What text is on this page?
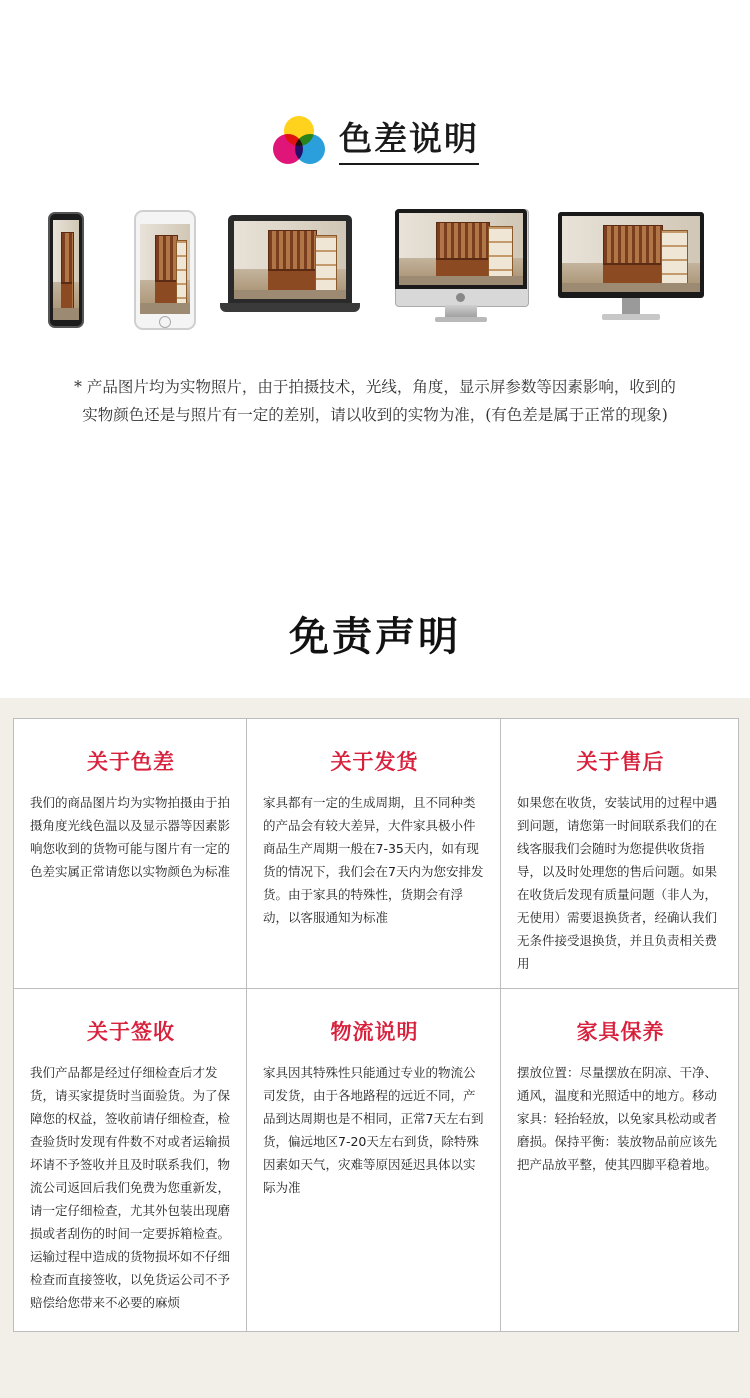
色差说明

* 产品图片均为实物照片，由于拍摄技术，光线，角度，显示屏参数等因素影响，收到的

实物颜色还是与照片有一定的差别，请以收到的实物为准，(有色差是属于正常的现象)

免责声明
关于色差

我们的商品图片均为实物拍摄由于拍摄角度光线色温以及显示器等因素影响您收到的货物可能与图片有一定的色差实属正常请您以实物颜色为标准

关于发货

家具都有一定的生成周期，且不同种类的产品会有较大差异，大件家具极小件商品生产周期一般在7-35天内，如有现货的情况下，我们会在7天内为您安排发货。由于家具的特殊性，货期会有浮动，以客服通知为标准

关于售后

如果您在收货，安装试用的过程中遇到问题，请您第一时间联系我们的在线客服我们会随时为您提供收货指导，以及时处理您的售后问题。如果在收货后发现有质量问题（非人为，无使用）需要退换货者，经确认我们无条件接受退换货，并且负责相关费用

关于签收

我们产品都是经过仔细检查后才发货，请买家提货时当面验货。为了保障您的权益，签收前请仔细检查，检查验货时发现有件数不对或者运输损坏请不予签收并且及时联系我们，物流公司返回后我们免费为您重新发，请一定仔细检查，尤其外包装出现磨损或者刮伤的时间一定要拆箱检查。运输过程中造成的货物损坏如不仔细检查而直接签收，以免货运公司不予赔偿给您带来不必要的麻烦

物流说明

家具因其特殊性只能通过专业的物流公司发货，由于各地路程的远近不同，产品到达周期也是不相同，正常7天左右到货，偏远地区7-20天左右到货，除特殊因素如天气，灾难等原因延迟具体以实际为准

家具保养

摆放位置：尽量摆放在阴凉、干净、通风，温度和光照适中的地方。移动家具：轻抬轻放，以免家具松动或者磨损。保持平衡：装放物品前应该先把产品放平整，使其四脚平稳着地。
